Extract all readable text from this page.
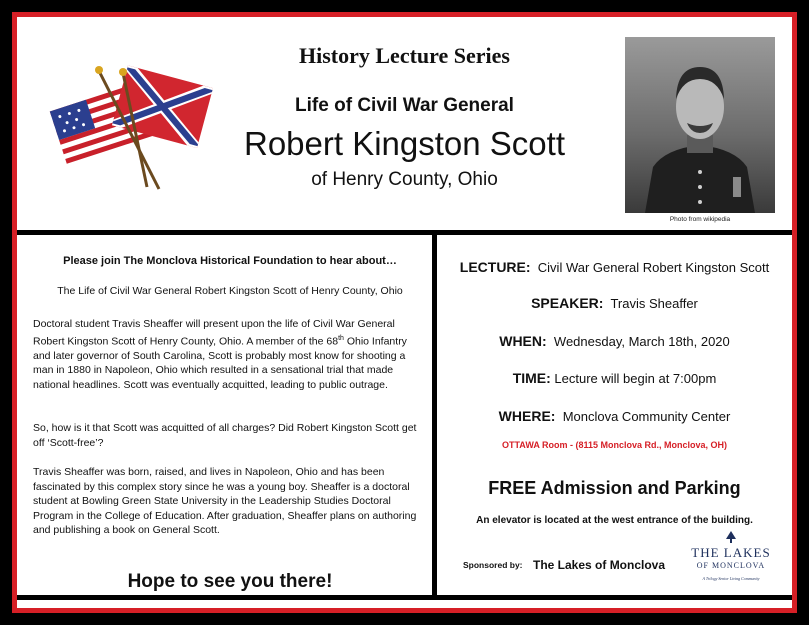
History Lecture Series
Life of Civil War General
Robert Kingston Scott
of Henry County, Ohio
Photo from wikipedia
Please join The Monclova Historical Foundation to hear about…
The Life of Civil War General Robert Kingston Scott of Henry County, Ohio
Doctoral student Travis Sheaffer will present upon the life of Civil War General Robert Kingston Scott of Henry County, Ohio. A member of the 68th Ohio Infantry and later governor of South Carolina, Scott is probably most know for shooting a man in 1880 in Napoleon, Ohio which resulted in a sensational trial that made national headlines. Scott was eventually acquitted, leading to public outrage.
So, how is it that Scott was acquitted of all charges? Did Robert Kingston Scott get off ‘Scott-free’?
Travis Sheaffer was born, raised, and lives in Napoleon, Ohio and has been fascinated by this complex story since he was a young boy. Sheaffer is a doctoral student at Bowling Green State University in the Leadership Studies Doctoral Program in the College of Education. After graduation, Sheaffer plans on authoring and publishing a book on General Scott.
Hope to see you there!
LECTURE: Civil War General Robert Kingston Scott
SPEAKER: Travis Sheaffer
WHEN: Wednesday, March 18th, 2020
TIME: Lecture will begin at 7:00pm
WHERE: Monclova Community Center
OTTAWA Room - (8115 Monclova Rd., Monclova, OH)
FREE Admission and Parking
An elevator is located at the west entrance of the building.
Sponsored by: The Lakes of Monclova
THE LAKES
OF MONCLOVA
A Trilogy Senior Living Community
